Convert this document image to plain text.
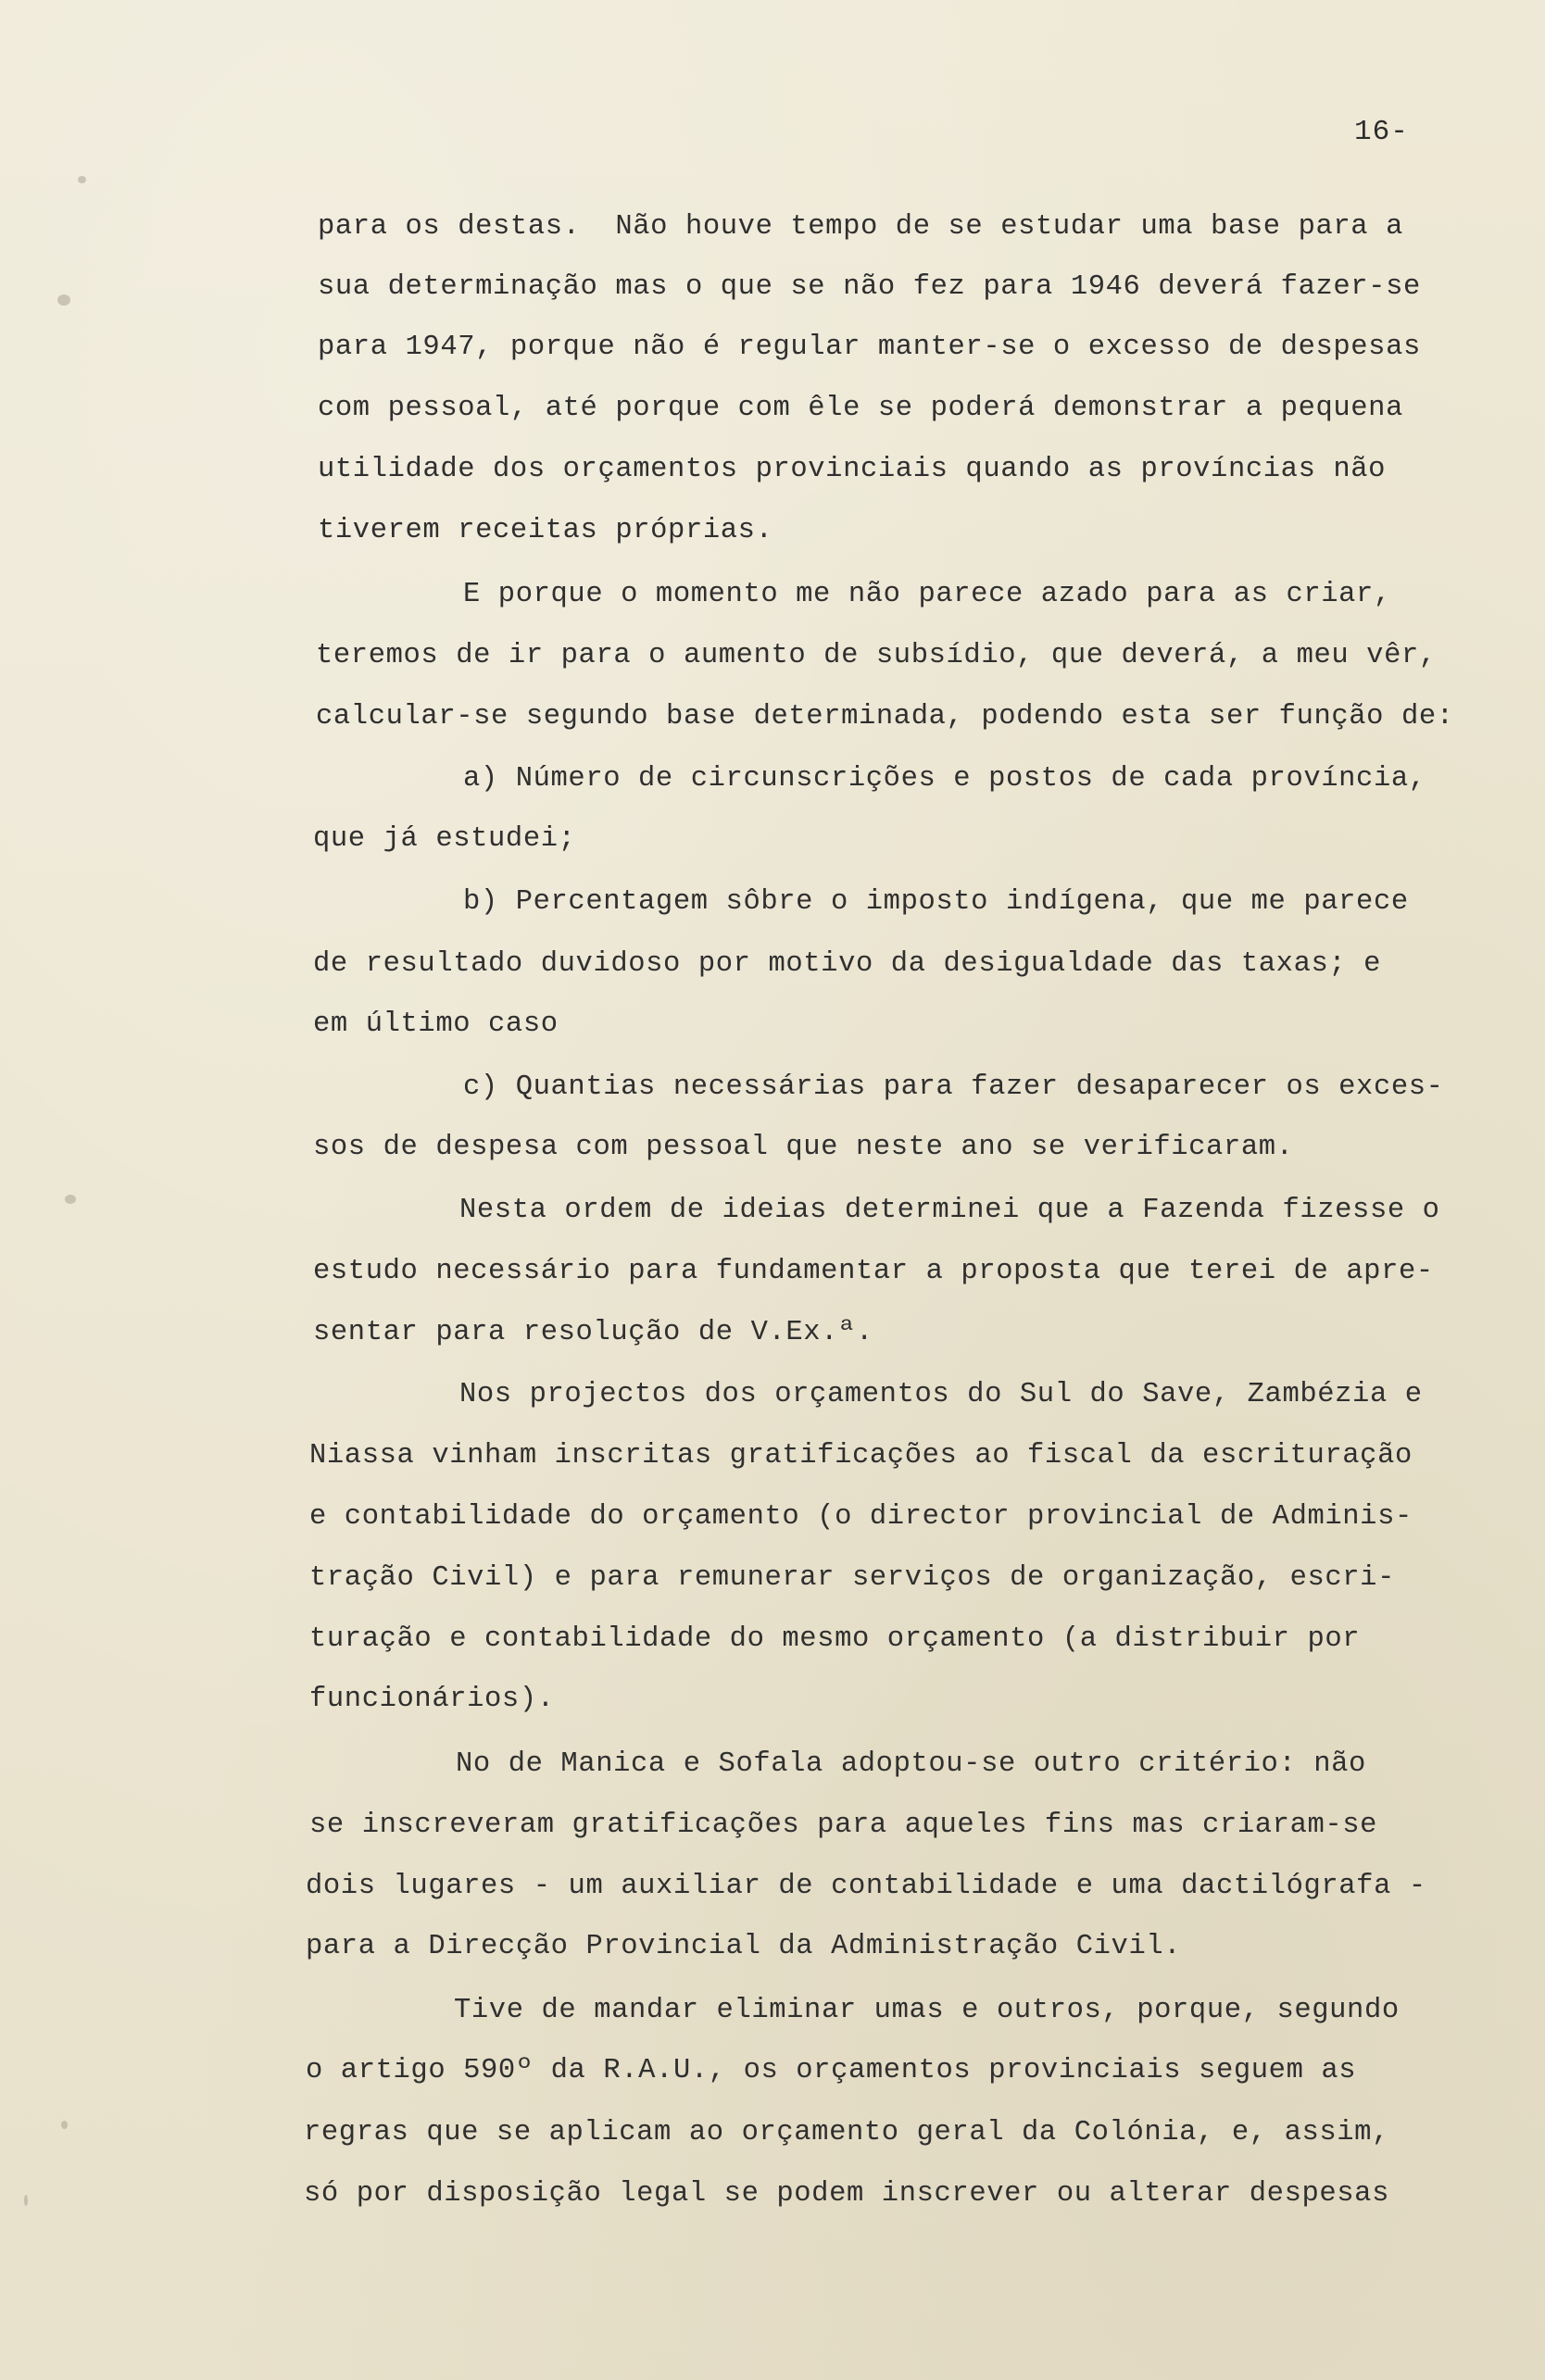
16-
para os destas.  Não houve tempo de se estudar uma base para a
sua determinação mas o que se não fez para 1946 deverá fazer-se
para 1947, porque não é regular manter-se o excesso de despesas
com pessoal, até porque com êle se poderá demonstrar a pequena
utilidade dos orçamentos provinciais quando as províncias não
tiverem receitas próprias.
E porque o momento me não parece azado para as criar,
teremos de ir para o aumento de subsídio, que deverá, a meu vêr,
calcular-se segundo base determinada, podendo esta ser função de:
a) Número de circunscrições e postos de cada província,
que já estudei;
b) Percentagem sôbre o imposto indígena, que me parece
de resultado duvidoso por motivo da desigualdade das taxas; e
em último caso
c) Quantias necessárias para fazer desaparecer os exces-
sos de despesa com pessoal que neste ano se verificaram.
Nesta ordem de ideias determinei que a Fazenda fizesse o
estudo necessário para fundamentar a proposta que terei de apre-
sentar para resolução de V.Ex.ª.
Nos projectos dos orçamentos do Sul do Save, Zambézia e
Niassa vinham inscritas gratificações ao fiscal da escrituração
e contabilidade do orçamento (o director provincial de Adminis-
tração Civil) e para remunerar serviços de organização, escri-
turação e contabilidade do mesmo orçamento (a distribuir por
funcionários).
No de Manica e Sofala adoptou-se outro critério: não
se inscreveram gratificações para aqueles fins mas criaram-se
dois lugares - um auxiliar de contabilidade e uma dactilógrafa -
para a Direcção Provincial da Administração Civil.
Tive de mandar eliminar umas e outros, porque, segundo
o artigo 590º da R.A.U., os orçamentos provinciais seguem as
regras que se aplicam ao orçamento geral da Colónia, e, assim,
só por disposição legal se podem inscrever ou alterar despesas
